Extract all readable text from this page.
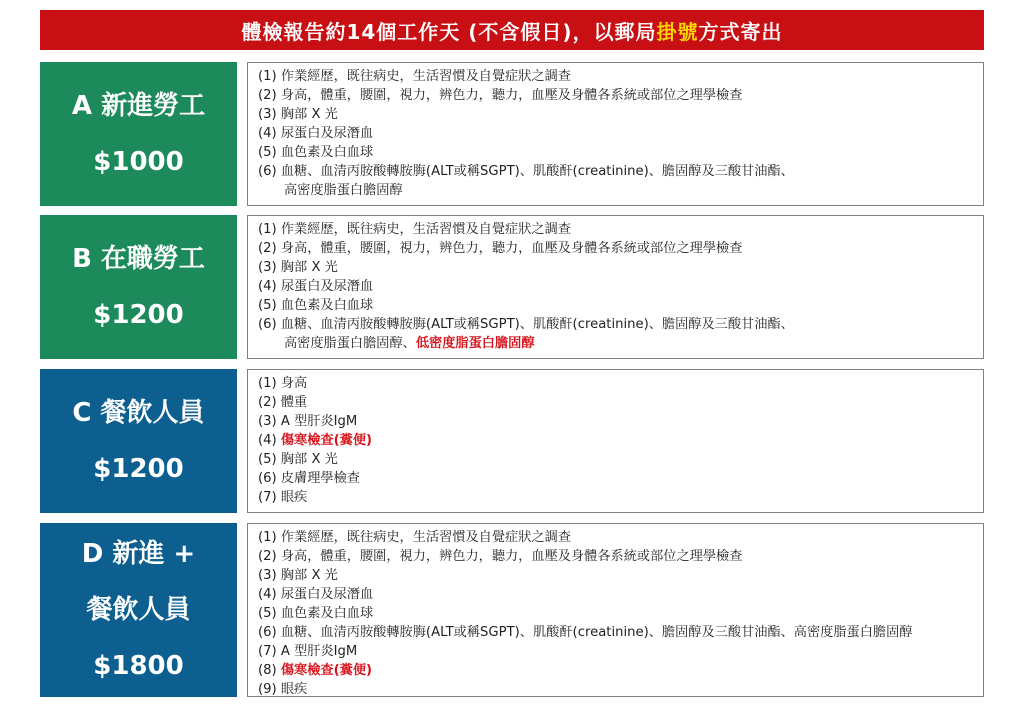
體檢報告約14個工作天 (不含假日)，以郵局 掛號 方式寄出
A 新進勞工
$1000
(1) 作業經歷，既往病史，生活習慣及自覺症狀之調查
(2) 身高，體重，腰圍，視力，辨色力，聽力，血壓及身體各系統或部位之理學檢查
(3) 胸部 X 光
(4) 尿蛋白及尿潛血
(5) 血色素及白血球
(6) 血糖、血清丙胺酸轉胺脢(ALT或稱SGPT)、肌酸酐(creatinine)、膽固醇及三酸甘油酯、
高密度脂蛋白膽固醇
B 在職勞工
$1200
(1) 作業經歷，既往病史，生活習慣及自覺症狀之調查
(2) 身高，體重，腰圍，視力，辨色力，聽力，血壓及身體各系統或部位之理學檢查
(3) 胸部 X 光
(4) 尿蛋白及尿潛血
(5) 血色素及白血球
(6) 血糖、血清丙胺酸轉胺脢(ALT或稱SGPT)、肌酸酐(creatinine)、膽固醇及三酸甘油酯、
高密度脂蛋白膽固醇、低密度脂蛋白膽固醇
C 餐飲人員
$1200
(1) 身高
(2) 體重
(3) A 型肝炎IgM
(4) 傷寒檢查(糞便)
(5) 胸部 X 光
(6) 皮膚理學檢查
(7) 眼疾
D 新進 +
餐飲人員
$1800
(1) 作業經歷，既往病史，生活習慣及自覺症狀之調查
(2) 身高，體重，腰圍，視力，辨色力，聽力，血壓及身體各系統或部位之理學檢查
(3) 胸部 X 光
(4) 尿蛋白及尿潛血
(5) 血色素及白血球
(6) 血糖、血清丙胺酸轉胺脢(ALT或稱SGPT)、肌酸酐(creatinine)、膽固醇及三酸甘油酯、高密度脂蛋白膽固醇
(7) A 型肝炎IgM
(8) 傷寒檢查(糞便)
(9) 眼疾
